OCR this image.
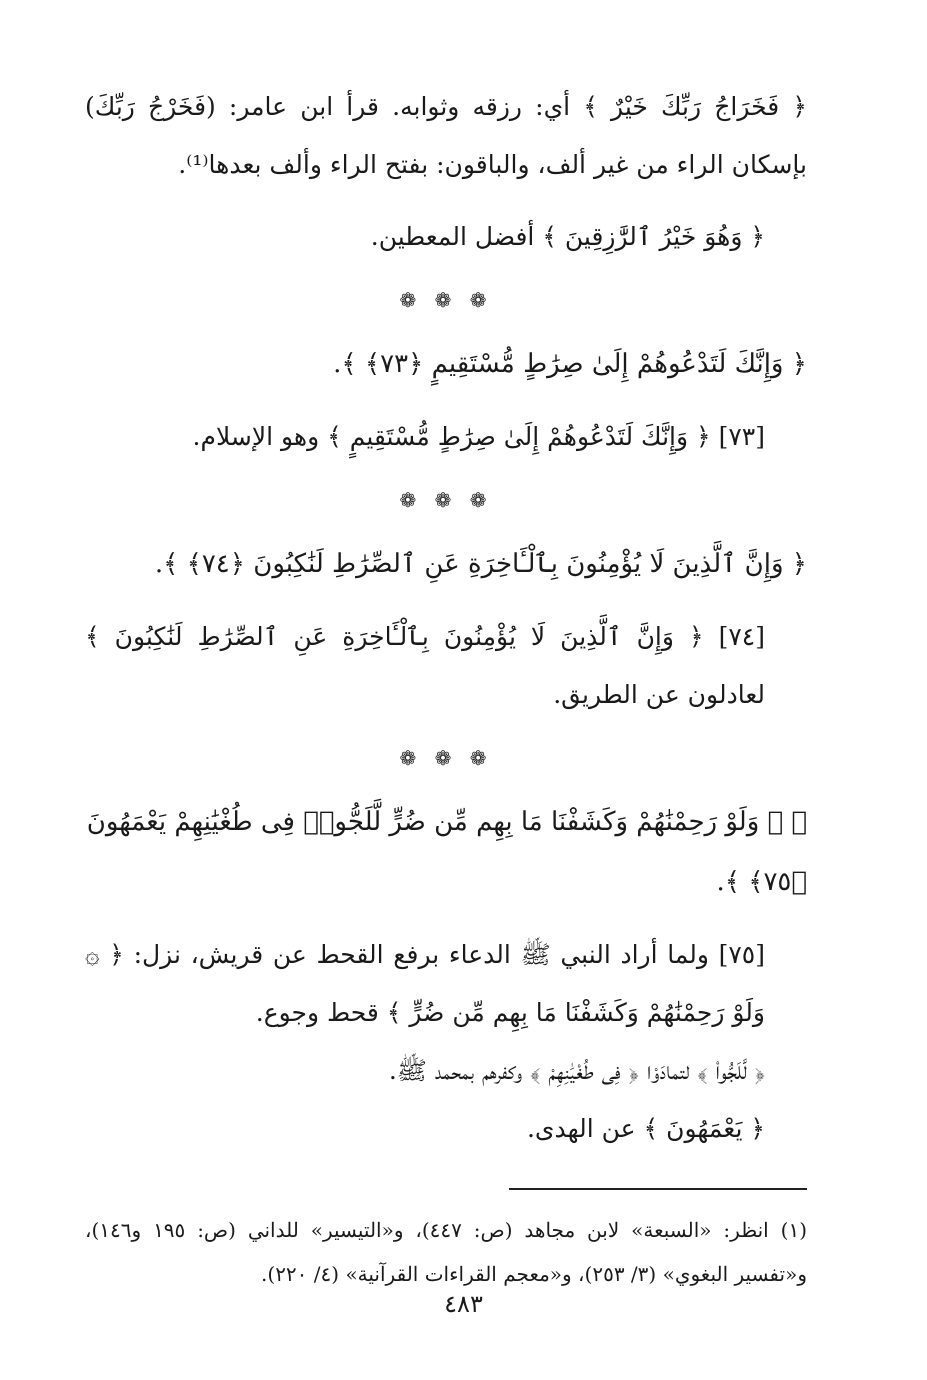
﴿ فَخَرَاجُ رَبِّكَ خَيْرٌ ﴾ أي: رزقه وثوابه. قرأ ابن عامر: (فَخَرْجُ رَبِّكَ) بإسكان الراء من غير ألف، والباقون: بفتح الراء وألف بعدها⁽¹⁾.

﴿ وَهُوَ خَيْرُ ٱلرَّٰزِقِينَ ﴾ أفضل المعطين.

❁ ❁ ❁

﴿ وَإِنَّكَ لَتَدْعُوهُمْ إِلَىٰ صِرَٰطٍ مُّسْتَقِيمٍ ﴿٧٣﴾ ﴾.

[٧٣] ﴿ وَإِنَّكَ لَتَدْعُوهُمْ إِلَىٰ صِرَٰطٍ مُّسْتَقِيمٍ ﴾ وهو الإسلام.

❁ ❁ ❁

﴿ وَإِنَّ ٱلَّذِينَ لَا يُؤْمِنُونَ بِٱلْـَٔاخِرَةِ عَنِ ٱلصِّرَٰطِ لَنَٰكِبُونَ ﴿٧٤﴾ ﴾.

[٧٤] ﴿ وَإِنَّ ٱلَّذِينَ لَا يُؤْمِنُونَ بِٱلْـَٔاخِرَةِ عَنِ ٱلصِّرَٰطِ لَنَٰكِبُونَ ﴾ لعادلون عن الطريق.

❁ ❁ ❁

﴿ ۞ وَلَوْ رَحِمْنَٰهُمْ وَكَشَفْنَا مَا بِهِم مِّن ضُرٍّ لَّلَجُّوا۟ فِى طُغْيَٰنِهِمْ يَعْمَهُونَ ﴿٧٥﴾ ﴾.

[٧٥] ولما أراد النبي ﷺ الدعاء برفع القحط عن قريش، نزل: ﴿ ۞ وَلَوْ رَحِمْنَٰهُمْ وَكَشَفْنَا مَا بِهِم مِّن ضُرٍّ ﴾ قحط وجوع.

﴿ لَّلَجُّوا۟ ﴾ لتمادَوْا ﴿ فِى طُغْيَٰنِهِمْ ﴾ وكفرهم بمحمد ﷺ.

﴿ يَعْمَهُونَ ﴾ عن الهدى.

(١) انظر: «السبعة» لابن مجاهد (ص: ٤٤٧)، و«التيسير» للداني (ص: ١٩٥ و١٤٦)، و«تفسير البغوي» (٣/ ٢٥٣)، و«معجم القراءات القرآنية» (٤/ ٢٢٠).

٤٨٣
